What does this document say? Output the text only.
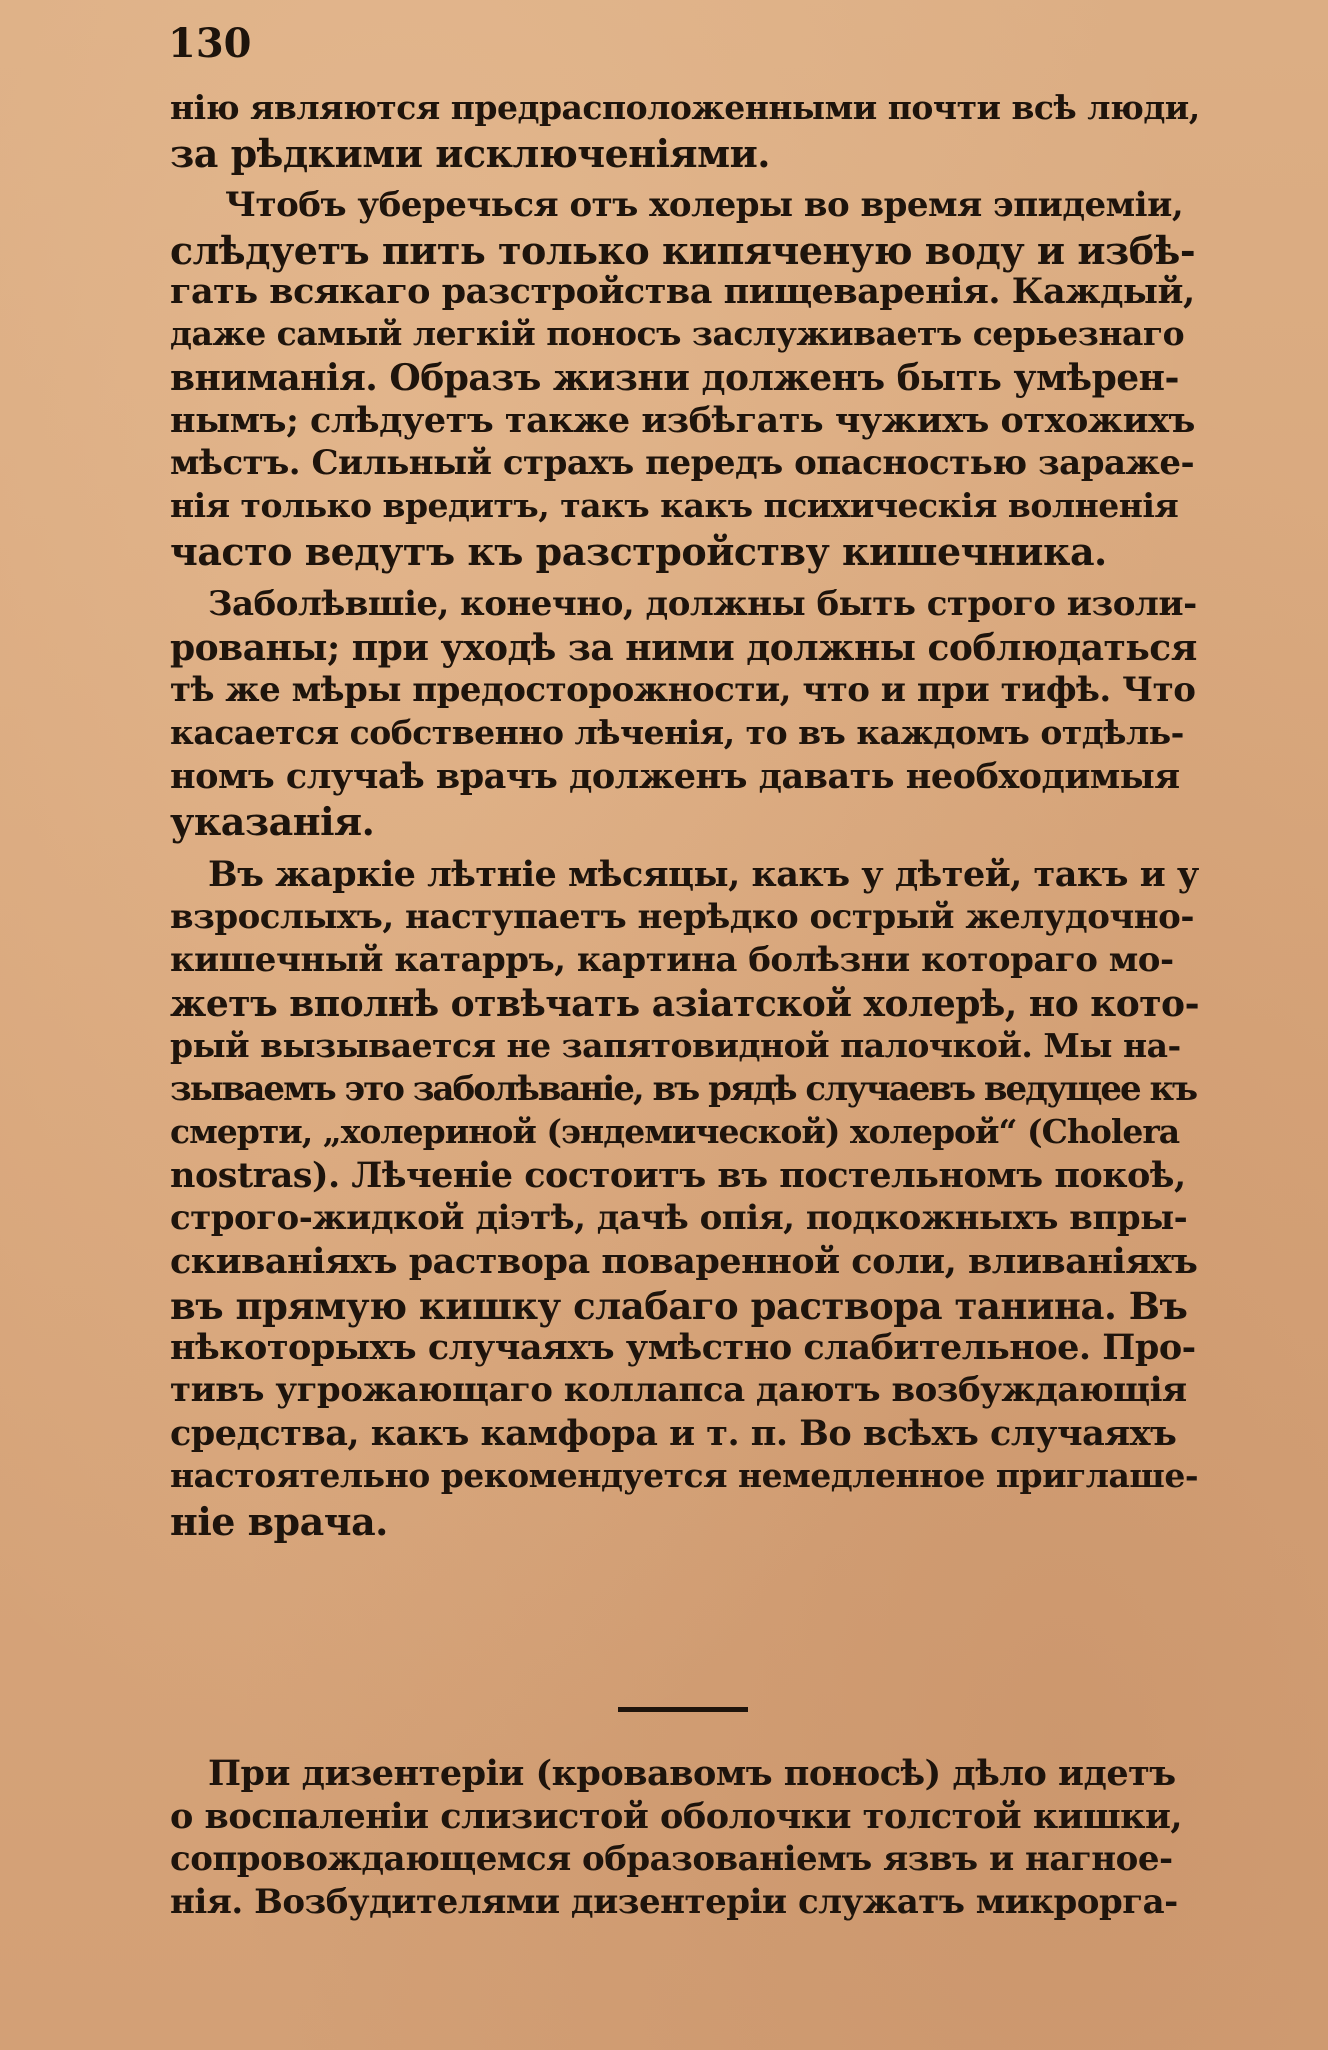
130
нію являются предрасположенными почти всѣ люди,
за рѣдкими исключеніями.
Чтобъ уберечься отъ холеры во время эпидеміи,
слѣдуетъ пить только кипяченую воду и избѣ-
гать всякаго разстройства пищеваренія. Каждый,
даже самый легкій поносъ заслуживаетъ серьезнаго
вниманія. Образъ жизни долженъ быть умѣрен-
нымъ; слѣдуетъ также избѣгать чужихъ отхожихъ
мѣстъ. Сильный страхъ передъ опасностью зараже-
нія только вредитъ, такъ какъ психическія волненія
часто ведутъ къ разстройству кишечника.
Заболѣвшіе, конечно, должны быть строго изоли-
рованы; при уходѣ за ними должны соблюдаться
тѣ же мѣры предосторожности, что и при тифѣ. Что
касается собственно лѣченія, то въ каждомъ отдѣль-
номъ случаѣ врачъ долженъ давать необходимыя
указанія.
Въ жаркіе лѣтніе мѣсяцы, какъ у дѣтей, такъ и у
взрослыхъ, наступаетъ нерѣдко острый желудочно-
кишечный катарръ, картина болѣзни котораго мо-
жетъ вполнѣ отвѣчать азіатской холерѣ, но кото-
рый вызывается не запятовидной палочкой. Мы на-
зываемъ это заболѣваніе, въ рядѣ случаевъ ведущее къ
смерти, „холериной (эндемической) холерой“ (Cholera
nostras). Лѣченіе состоитъ въ постельномъ покоѣ,
строго-жидкой діэтѣ, дачѣ опія, подкожныхъ впры-
скиваніяхъ раствора поваренной соли, вливаніяхъ
въ прямую кишку слабаго раствора танина. Въ
нѣкоторыхъ случаяхъ умѣстно слабительное. Про-
тивъ угрожающаго коллапса даютъ возбуждающія
средства, какъ камфора и т. п. Во всѣхъ случаяхъ
настоятельно рекомендуется немедленное приглаше-
ніе врача.
При дизентеріи (кровавомъ поносѣ) дѣло идетъ
о воспаленіи слизистой оболочки толстой кишки,
сопровождающемся образованіемъ язвъ и нагное-
нія. Возбудителями дизентеріи служатъ микрорга-
